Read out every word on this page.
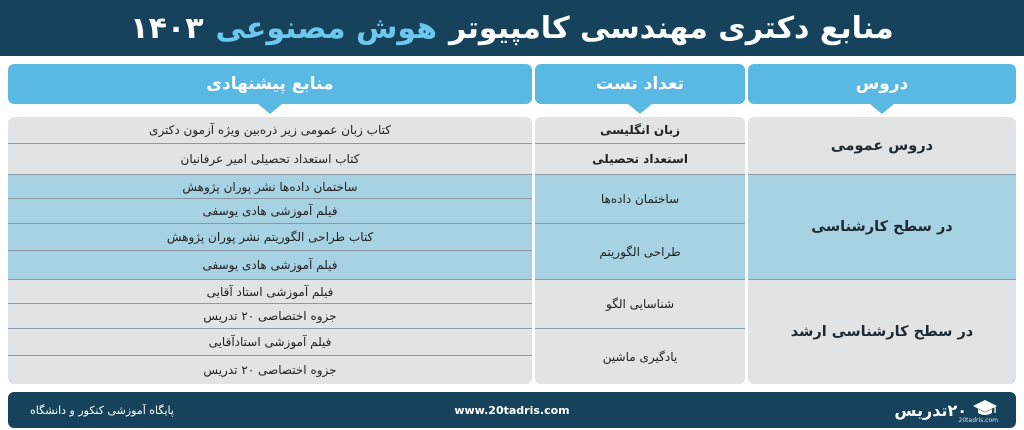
منابع دکتری مهندسی کامپیوتر
هوش مصنوعی
۱۴۰۳
دروس
تعداد تست
منابع پیشنهادی
دروس عمومی
در سطح کارشناسی
در سطح کارشناسی ارشد
زبان انگلیسی
استعداد تحصیلی
ساختمان داده‌ها
طراحی الگوریتم
شناسایی الگو
یادگیری ماشین
کتاب زبان عمومی زیر ذره‌بین ویژه آزمون دکتری
کتاب استعداد تحصیلی امیر عرفانیان
ساختمان داده‌ها نشر پوران پژوهش
فیلم آموزشی هادی یوسفی
کتاب طراحی الگوریتم نشر پوران پژوهش
فیلم آموزشی هادی یوسفی
فیلم آموزشی استاد آقایی
جزوه اختصاصی ۲۰ تدریس
فیلم آموزشی استادآقایی
جزوه اختصاصی ۲۰ تدریس
پایگاه آموزشی کنکور و دانشگاه	www.20tadris.com	۲۰تدریس
20tadris.com
